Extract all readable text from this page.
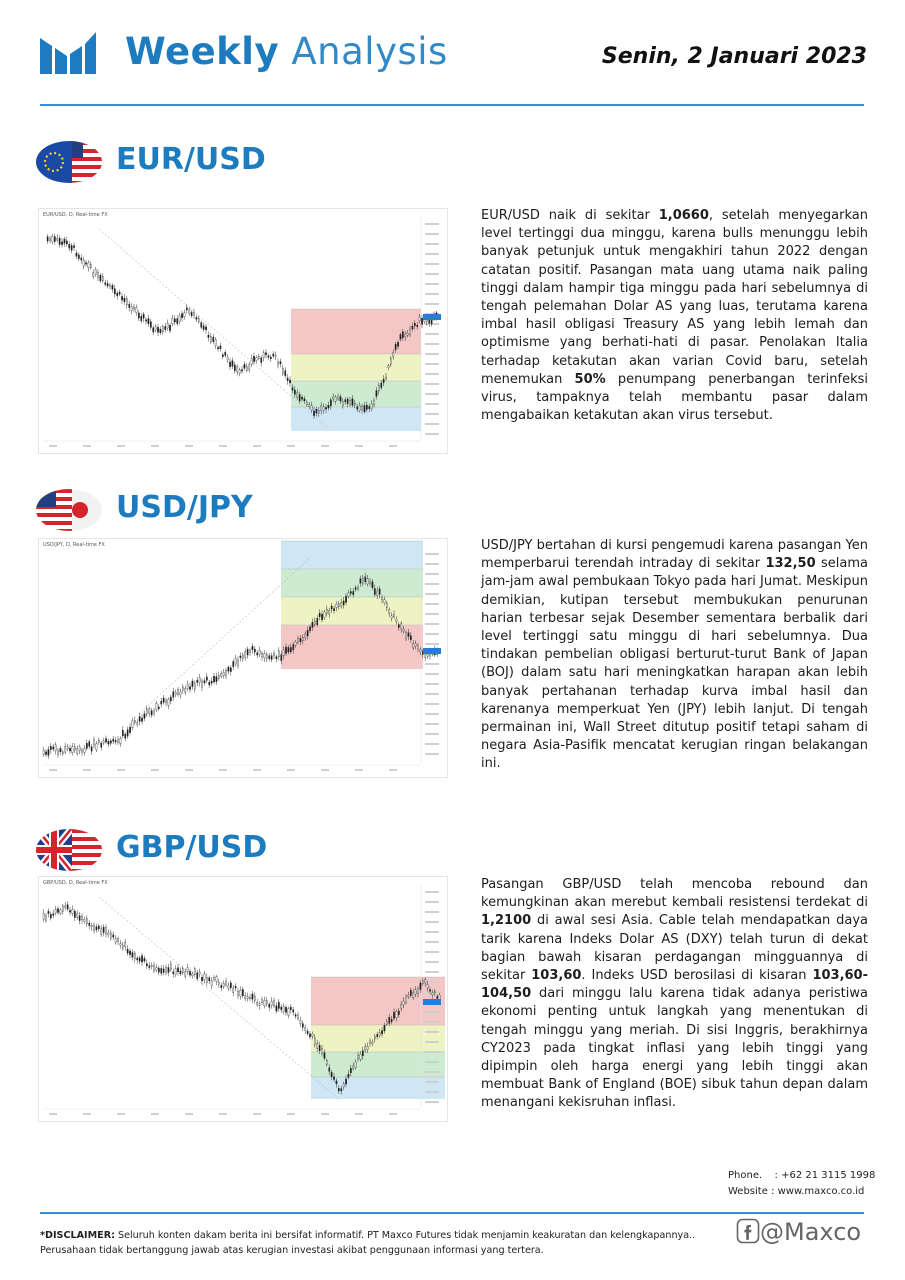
Weekly Analysis	Senin, 2 Januari 2023
EUR/USD
EUR/USD, D, Real-time FX	EUR/USD naik di sekitar 1,0660, setelah menyegarkan level tertinggi dua minggu, karena bulls menunggu lebih banyak petunjuk untuk mengakhiri tahun 2022 dengan catatan positif. Pasangan mata uang utama naik paling tinggi dalam hampir tiga minggu pada hari sebelumnya di tengah pelemahan Dolar AS yang luas, terutama karena imbal hasil obligasi Treasury AS yang lebih lemah dan optimisme yang berhati-hati di pasar. Penolakan Italia terhadap ketakutan akan varian Covid baru, setelah menemukan 50% penumpang penerbangan terinfeksi virus, tampaknya telah membantu pasar dalam mengabaikan ketakutan akan virus tersebut.
USD/JPY
USD/JPY, D, Real-time FX	USD/JPY bertahan di kursi pengemudi karena pasangan Yen memperbarui terendah intraday di sekitar 132,50 selama jam-jam awal pembukaan Tokyo pada hari Jumat. Meskipun demikian, kutipan tersebut membukukan penurunan harian terbesar sejak Desember sementara berbalik dari level tertinggi satu minggu di hari sebelumnya. Dua tindakan pembelian obligasi berturut-turut Bank of Japan (BOJ) dalam satu hari meningkatkan harapan akan lebih banyak pertahanan terhadap kurva imbal hasil dan karenanya memperkuat Yen (JPY) lebih lanjut. Di tengah permainan ini, Wall Street ditutup positif tetapi saham di negara Asia-Pasifik mencatat kerugian ringan belakangan ini.
GBP/USD
GBP/USD, D, Real-time FX	Pasangan GBP/USD telah mencoba rebound dan kemungkinan akan merebut kembali resistensi terdekat di 1,2100 di awal sesi Asia. Cable telah mendapatkan daya tarik karena Indeks Dolar AS (DXY) telah turun di dekat bagian bawah kisaran perdagangan mingguannya di sekitar 103,60. Indeks USD berosilasi di kisaran 103,60-104,50 dari minggu lalu karena tidak adanya peristiwa ekonomi penting untuk langkah yang menentukan di tengah minggu yang meriah. Di sisi Inggris, berakhirnya CY2023 pada tingkat inflasi yang lebih tinggi yang dipimpin oleh harga energi yang lebih tinggi akan membuat Bank of England (BOE) sibuk tahun depan dalam menangani kekisruhan inflasi.
Phone. : +62 21 3115 1998
Website : www.maxco.co.id
*DISCLAIMER: Seluruh konten dakam berita ini bersifat informatif. PT Maxco Futures tidak menjamin keakuratan dan kelengkapannya.. Perusahaan tidak bertanggung jawab atas kerugian investasi akibat penggunaan informasi yang tertera.
@Maxco
